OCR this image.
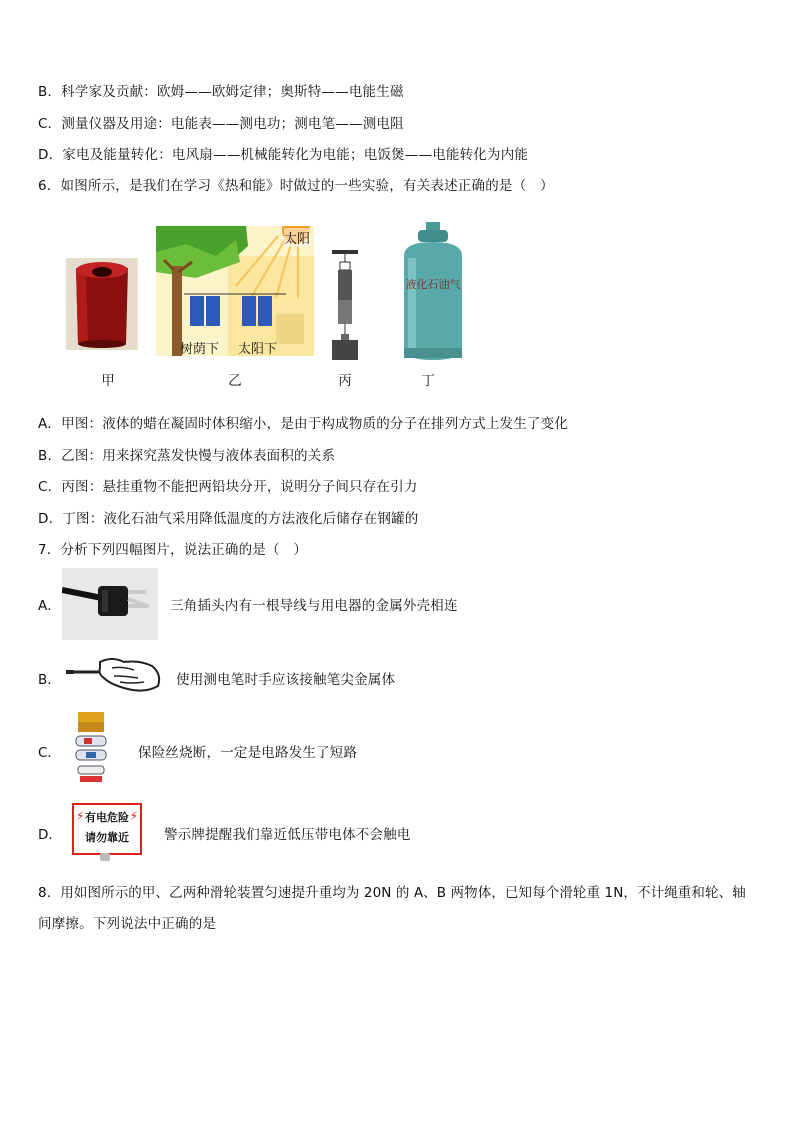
B．科学家及贡献：欧姆——欧姆定律；奥斯特——电能生磁
C．测量仪器及用途：电能表——测电功；测电笔——测电阻
D．家电及能量转化：电风扇——机械能转化为电能；电饭煲——电能转化为内能
6．如图所示，是我们在学习《热和能》时做过的一些实验，有关表述正确的是（　）
甲
太阳
树荫下 太阳下
乙	丙
液化石油气
丁
A．甲图：液体的蜡在凝固时体积缩小，是由于构成物质的分子在排列方式上发生了变化
B．乙图：用来探究蒸发快慢与液体表面积的关系
C．丙图：悬挂重物不能把两铅块分开，说明分子间只存在引力
D．丁图：液化石油气采用降低温度的方法液化后储存在钢罐的
7．分析下列四幅图片，说法正确的是（　）
A．	三角插头内有一根导线与用电器的金属外壳相连
B．	使用测电笔时手应该接触笔尖金属体
C．	保险丝烧断，一定是电路发生了短路
D．
⚡	⚡
有电危险
请勿靠近	警示牌提醒我们靠近低压带电体不会触电
8．用如图所示的甲、乙两种滑轮装置匀速提升重均为 20N 的 A、B 两物体，已知每个滑轮重 1N，不计绳重和轮、轴
间摩擦。下列说法中正确的是
